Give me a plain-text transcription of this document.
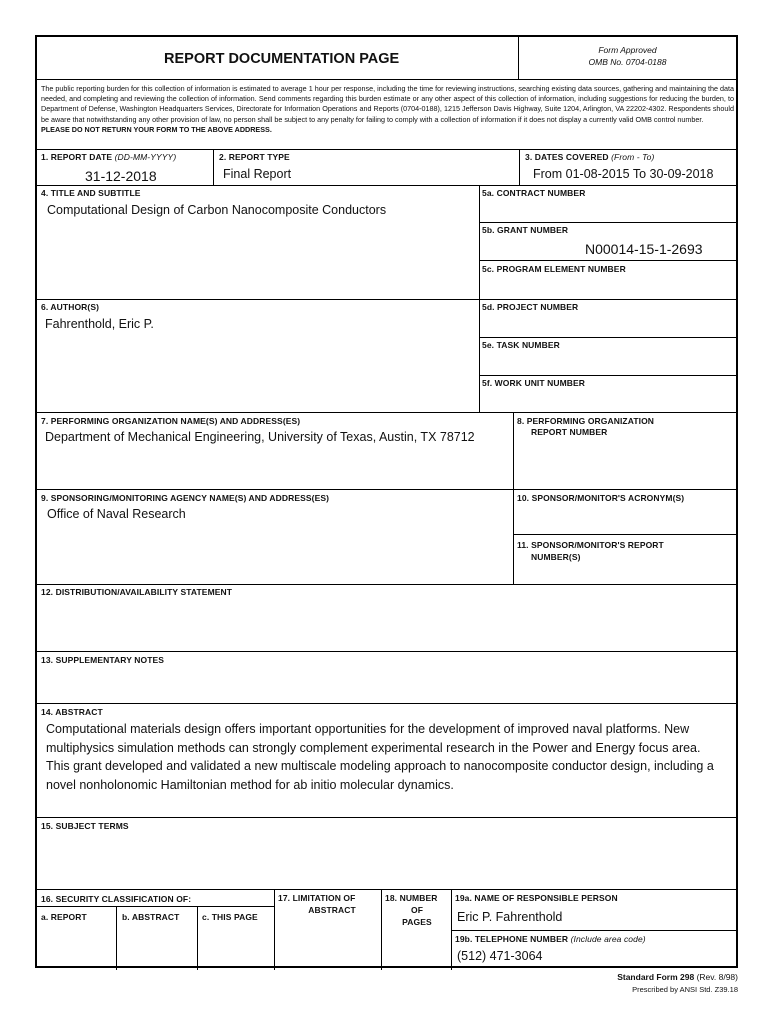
REPORT DOCUMENTATION PAGE
Form Approved
OMB No. 0704-0188
The public reporting burden for this collection of information is estimated to average 1 hour per response, including the time for reviewing instructions, searching existing data sources, gathering and maintaining the data needed, and completing and reviewing the collection of information. Send comments regarding this burden estimate or any other aspect of this collection of information, including suggestions for reducing the burden, to Department of Defense, Washington Headquarters Services, Directorate for Information Operations and Reports (0704-0188), 1215 Jefferson Davis Highway, Suite 1204, Arlington, VA 22202-4302. Respondents should be aware that notwithstanding any other provision of law, no person shall be subject to any penalty for failing to comply with a collection of information if it does not display a currently valid OMB control number.
PLEASE DO NOT RETURN YOUR FORM TO THE ABOVE ADDRESS.
1. REPORT DATE (DD-MM-YYYY)
31-12-2018
2. REPORT TYPE
Final Report
3. DATES COVERED (From - To)
From 01-08-2015 To 30-09-2018
4. TITLE AND SUBTITLE
Computational Design of Carbon Nanocomposite Conductors
5a. CONTRACT NUMBER
5b. GRANT NUMBER
N00014-15-1-2693
5c. PROGRAM ELEMENT NUMBER
6. AUTHOR(S)
Fahrenthold, Eric P.
5d. PROJECT NUMBER
5e. TASK NUMBER
5f. WORK UNIT NUMBER
7. PERFORMING ORGANIZATION NAME(S) AND ADDRESS(ES)
Department of Mechanical Engineering, University of Texas, Austin, TX 78712
8. PERFORMING ORGANIZATION
REPORT NUMBER
9. SPONSORING/MONITORING AGENCY NAME(S) AND ADDRESS(ES)
Office of Naval Research
10. SPONSOR/MONITOR'S ACRONYM(S)
11. SPONSOR/MONITOR'S REPORT
NUMBER(S)
12. DISTRIBUTION/AVAILABILITY STATEMENT
13. SUPPLEMENTARY NOTES
14. ABSTRACT
Computational materials design offers important opportunities for the development of improved naval platforms. New multiphysics simulation methods can strongly complement experimental research in the Power and Energy focus area. This grant developed and validated a new multiscale modeling approach to nanocomposite conductor design, including a novel nonholonomic Hamiltonian method for ab initio molecular dynamics.
15. SUBJECT TERMS
16. SECURITY CLASSIFICATION OF:
a. REPORT	b. ABSTRACT	c. THIS PAGE
17. LIMITATION OF
ABSTRACT
18. NUMBER
OF
PAGES
19a. NAME OF RESPONSIBLE PERSON
Eric P. Fahrenthold
19b. TELEPHONE NUMBER (Include area code)
(512) 471-3064
Standard Form 298 (Rev. 8/98)
Prescribed by ANSI Std. Z39.18
